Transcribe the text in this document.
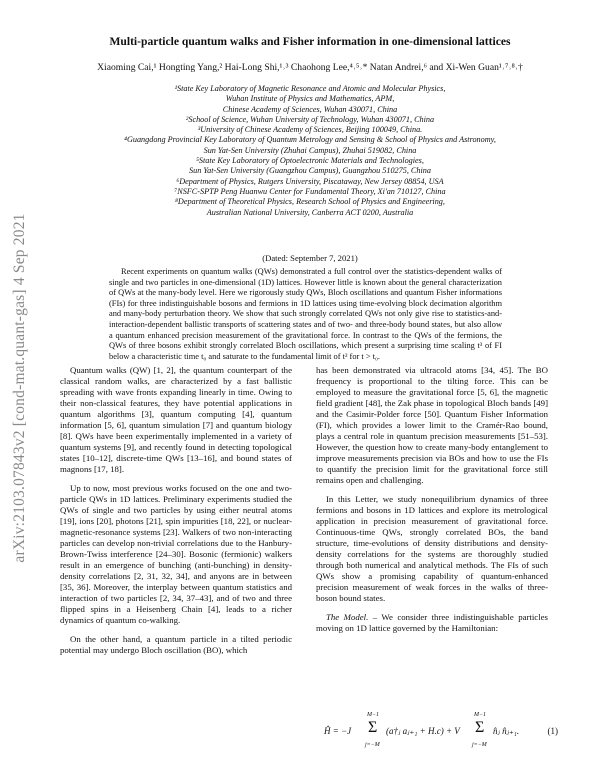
arXiv:2103.07843v2 [cond-mat.quant-gas] 4 Sep 2021
Multi-particle quantum walks and Fisher information in one-dimensional lattices
Xiaoming Cai,¹ Hongting Yang,² Hai-Long Shi,¹˒³ Chaohong Lee,⁴˒⁵˒* Natan Andrei,⁶ and Xi-Wen Guan¹˒⁷˒⁸˒†
¹State Key Laboratory of Magnetic Resonance and Atomic and Molecular Physics,
Wuhan Institute of Physics and Mathematics, APM,
Chinese Academy of Sciences, Wuhan 430071, China
²School of Science, Wuhan University of Technology, Wuhan 430071, China
³University of Chinese Academy of Sciences, Beijing 100049, China.
⁴Guangdong Provincial Key Laboratory of Quantum Metrology and Sensing & School of Physics and Astronomy,
Sun Yat-Sen University (Zhuhai Campus), Zhuhai 519082, China
⁵State Key Laboratory of Optoelectronic Materials and Technologies,
Sun Yat-Sen University (Guangzhou Campus), Guangzhou 510275, China
⁶Department of Physics, Rutgers University, Piscataway, New Jersey 08854, USA
⁷NSFC-SPTP Peng Huanwu Center for Fundamental Theory, Xi'an 710127, China
⁸Department of Theoretical Physics, Research School of Physics and Engineering,
Australian National University, Canberra ACT 0200, Australia
(Dated: September 7, 2021)
Recent experiments on quantum walks (QWs) demonstrated a full control over the statistics-dependent walks of single and two particles in one-dimensional (1D) lattices. However little is known about the general characterization of QWs at the many-body level. Here we rigorously study QWs, Bloch oscillations and quantum Fisher informations (FIs) for three indistinguishable bosons and fermions in 1D lattices using time-evolving block decimation algorithm and many-body perturbation theory. We show that such strongly correlated QWs not only give rise to statistics-and-interaction-dependent ballistic transports of scattering states and of two- and three-body bound states, but also allow a quantum enhanced precision measurement of the gravitational force. In contrast to the QWs of the fermions, the QWs of three bosons exhibit strongly correlated Bloch oscillations, which present a surprising time scaling t³ of FI below a characteristic time t₀ and saturate to the fundamental limit of t² for t > t₀.

Quantum walks (QW) [1, 2], the quantum counterpart of the classical random walks, are characterized by a fast ballistic spreading with wave fronts expanding linearly in time. Owing to their non-classical features, they have potential applications in quantum algorithms [3], quantum computing [4], quantum information [5, 6], quantum simulation [7] and quantum biology [8]. QWs have been experimentally implemented in a variety of quantum systems [9], and recently found in detecting topological states [10–12], discrete-time QWs [13–16], and bound states of magnons [17, 18].

Up to now, most previous works focused on the one and two-particle QWs in 1D lattices. Preliminary experiments studied the QWs of single and two particles by using either neutral atoms [19], ions [20], photons [21], spin impurities [18, 22], or nuclear-magnetic-resonance systems [23]. Walkers of two non-interacting particles can develop non-trivial correlations due to the Hanbury-Brown-Twiss interference [24–30]. Bosonic (fermionic) walkers result in an emergence of bunching (anti-bunching) in density-density correlations [2, 31, 32, 34], and anyons are in between [35, 36]. Moreover, the interplay between quantum statistics and interaction of two particles [2, 34, 37–43], and of two and three flipped spins in a Heisenberg Chain [4], leads to a richer dynamics of quantum co-walking.

On the other hand, a quantum particle in a tilted periodic potential may undergo Bloch oscillation (BO), which

has been demonstrated via ultracold atoms [34, 45]. The BO frequency is proportional to the tilting force. This can be employed to measure the gravitational force [5, 6], the magnetic field gradient [48], the Zak phase in topological Bloch bands [49] and the Casimir-Polder force [50]. Quantum Fisher Information (FI), which provides a lower limit to the Cramér-Rao bound, plays a central role in quantum precision measurements [51–53]. However, the question how to create many-body entanglement to improve measurements precision via BOs and how to use the FIs to quantify the precision limit for the gravitational force still remains open and challenging.

In this Letter, we study nonequilibrium dynamics of three fermions and bosons in 1D lattices and explore its metrological application in precision measurement of gravitational force. Continuous-time QWs, strongly correlated BOs, the band structure, time-evolutions of density distributions and density-density correlations for the systems are thoroughly studied through both numerical and analytical methods. The FIs of such QWs show a promising capability of quantum-enhanced precision measurement of weak forces in the walks of three-boson bound states.

The Model. – We consider three indistinguishable particles moving on 1D lattice governed by the Hamiltonian:

Ĥ = −J
M−1
Σ
j=−M
(a†ⱼ aⱼ₊₁ + H.c) + V
M−1
Σ
j=−M
n̂ⱼ n̂ⱼ₊₁.	(1)
